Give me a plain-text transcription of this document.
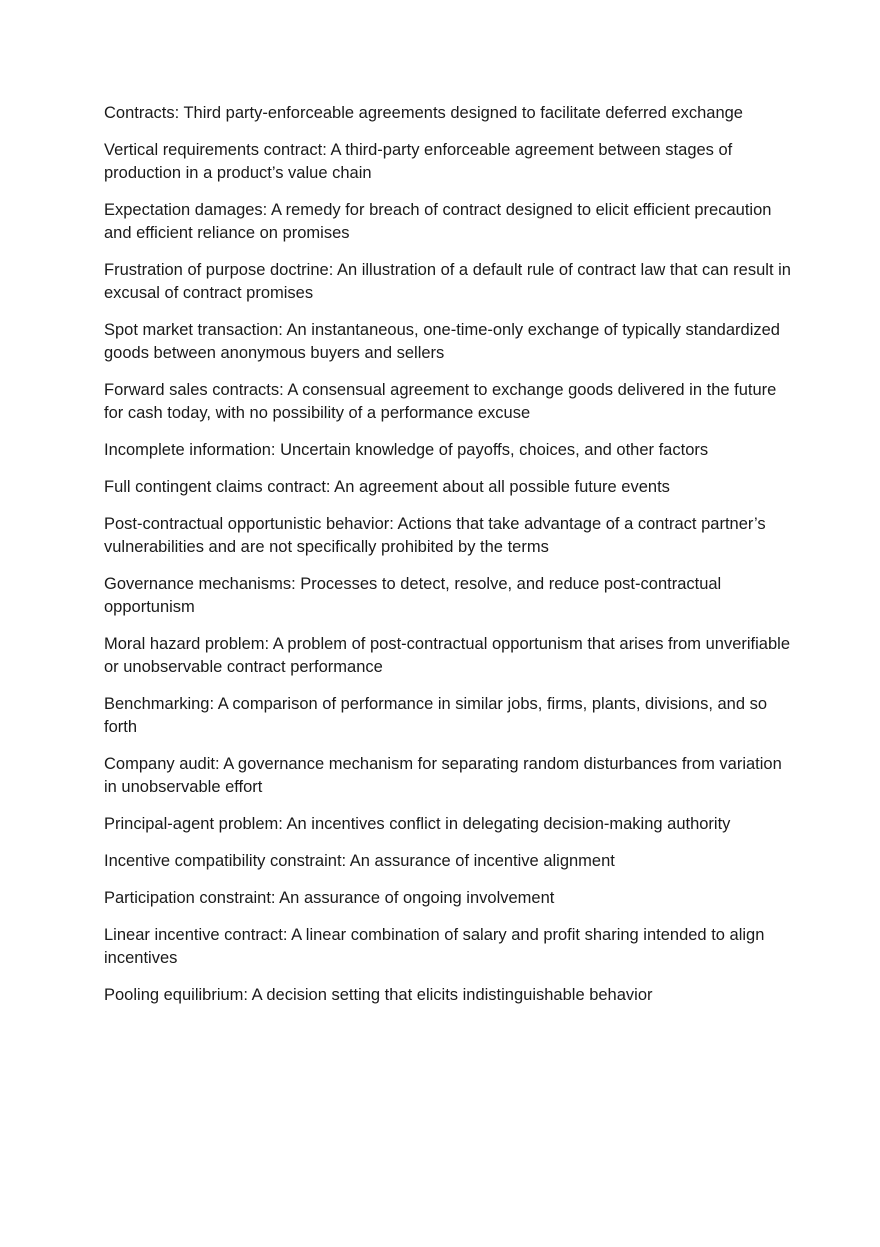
Contracts: Third party-enforceable agreements designed to facilitate deferred exchange

Vertical requirements contract: A third-party enforceable agreement between stages of production in a product’s value chain

Expectation damages: A remedy for breach of contract designed to elicit efficient precaution and efficient reliance on promises

Frustration of purpose doctrine: An illustration of a default rule of contract law that can result in excusal of contract promises

Spot market transaction: An instantaneous, one-time-only exchange of typically standardized goods between anonymous buyers and sellers

Forward sales contracts: A consensual agreement to exchange goods delivered in the future for cash today, with no possibility of a performance excuse

Incomplete information: Uncertain knowledge of payoffs, choices, and other factors

Full contingent claims contract: An agreement about all possible future events

Post-contractual opportunistic behavior: Actions that take advantage of a contract partner’s vulnerabilities and are not specifically prohibited by the terms

Governance mechanisms: Processes to detect, resolve, and reduce post-contractual opportunism

Moral hazard problem: A problem of post-contractual opportunism that arises from unverifiable or unobservable contract performance

Benchmarking: A comparison of performance in similar jobs, firms, plants, divisions, and so forth

Company audit: A governance mechanism for separating random disturbances from variation in unobservable effort

Principal-agent problem: An incentives conflict in delegating decision-making authority

Incentive compatibility constraint: An assurance of incentive alignment

Participation constraint: An assurance of ongoing involvement

Linear incentive contract: A linear combination of salary and profit sharing intended to align incentives

Pooling equilibrium: A decision setting that elicits indistinguishable behavior
